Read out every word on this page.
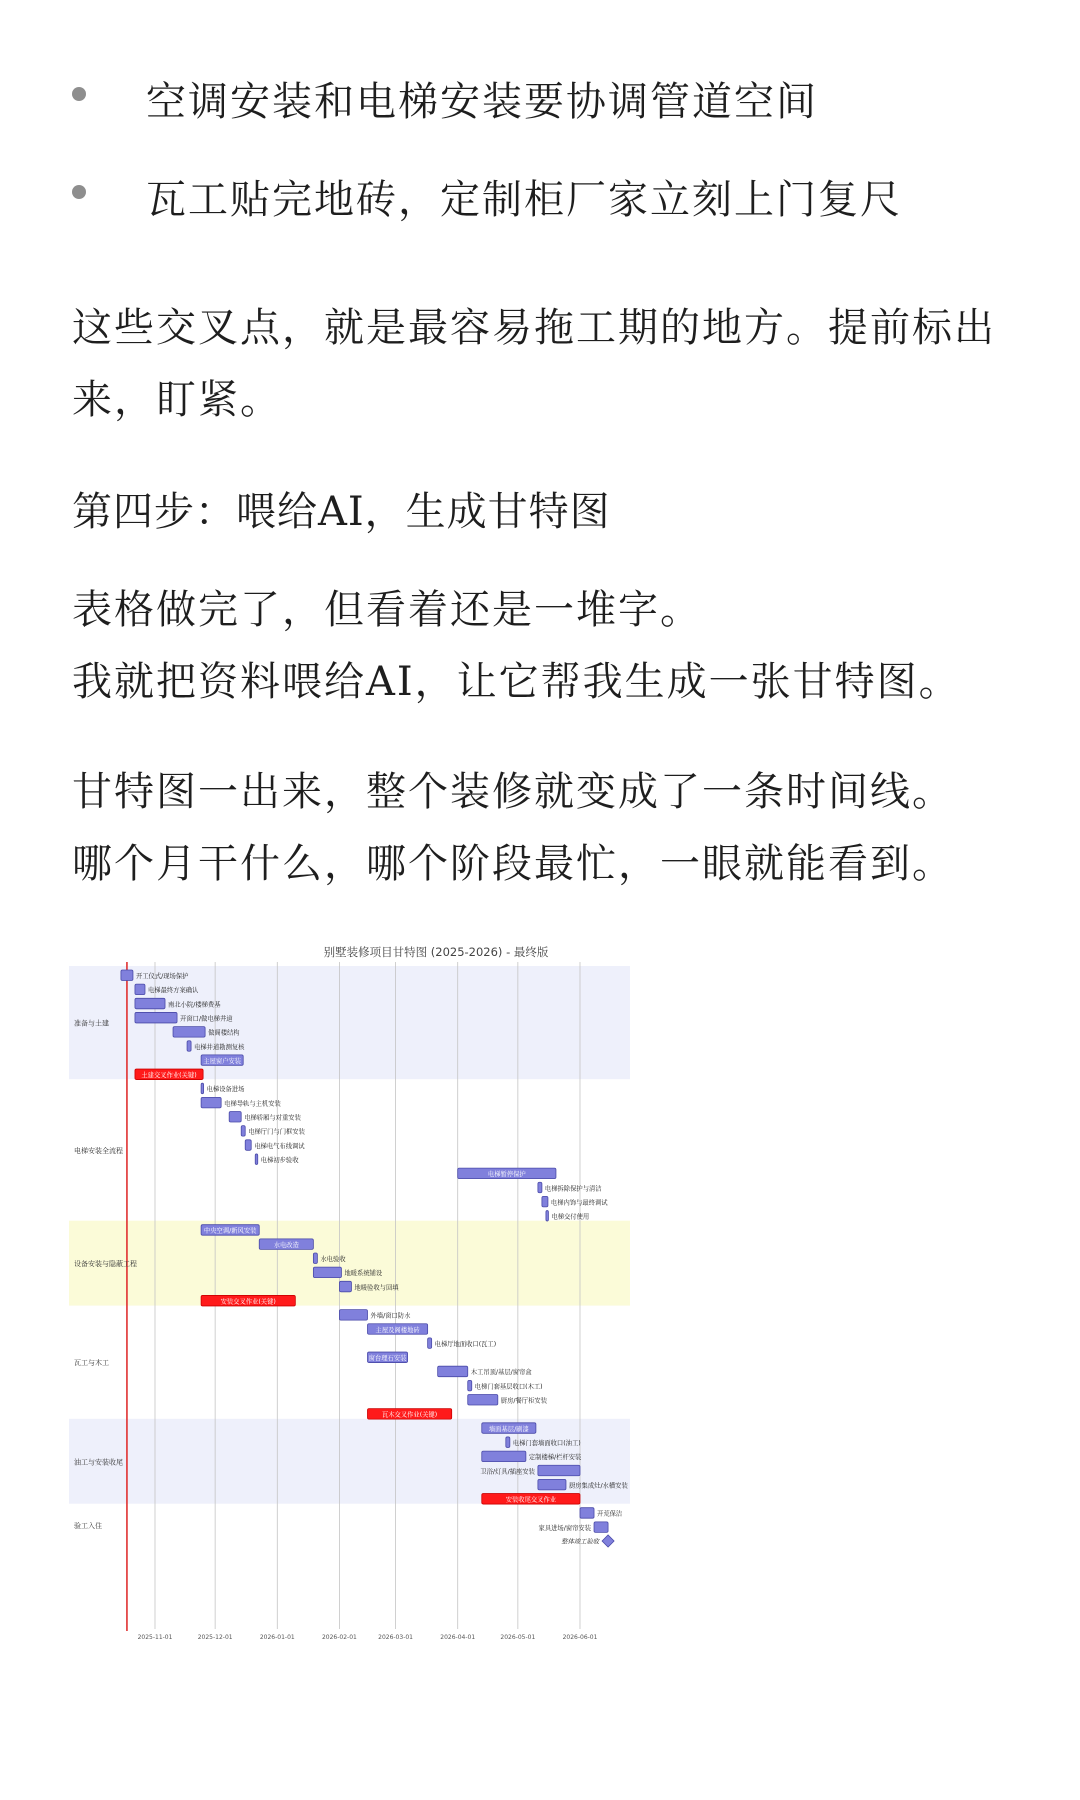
空调安装和电梯安装要协调管道空间
瓦工贴完地砖，定制柜厂家立刻上门复尺
这些交叉点，就是最容易拖工期的地方。提前标出
来，盯紧。
第四步：喂给AI，生成甘特图
表格做完了，但看着还是一堆字。
我就把资料喂给AI，让它帮我生成一张甘特图。
甘特图一出来，整个装修就变成了一条时间线。
哪个月干什么，哪个阶段最忙，一眼就能看到。
别墅装修项目甘特图 (2025-2026) - 最终版
准备与土建
电梯安装全流程
设备安装与隐蔽工程
瓦工与木工
油工与安装收尾
验工入住
开工仪式/现场保护
电梯最终方案确认
南北小院/楼梯费基
开窗口/做电梯井道
做阁楼结构
电梯井道勘测复核
主屋窗户安装
土建交叉作业(关键)
电梯设备进场
电梯导轨与主机安装
电梯轿厢与对重安装
电梯厅门与门框安装
电梯电气布线调试
电梯初步验收
电梯暂停保护
电梯拆除保护与清洁
电梯内饰与最终调试
电梯交付使用
中央空调/新风安装
水电改造
水电验收
地暖系统铺设
地暖验收与回填
安装交叉作业(关键)
外墙/窗口防水
主屋及阁楼地砖
电梯厅地面收口(瓦工)
窗台理石安装
木工吊顶/基层/窗帘盒
电梯门套基层收口(木工)
厨房/餐厅柜安装
瓦木交叉作业(关键)
墙面基层/刷漆
电梯门套墙面收口(油工)
定制楼梯/栏杆安装
卫浴/灯具/插座安装
厨房集成灶/水槽安装
安装收尾交叉作业
开荒保洁
家具进场/窗帘安装
整体竣工验收
2025-11-01	2025-12-01	2026-01-01	2026-02-01	2026-03-01	2026-04-01	2026-05-01	2026-06-01
